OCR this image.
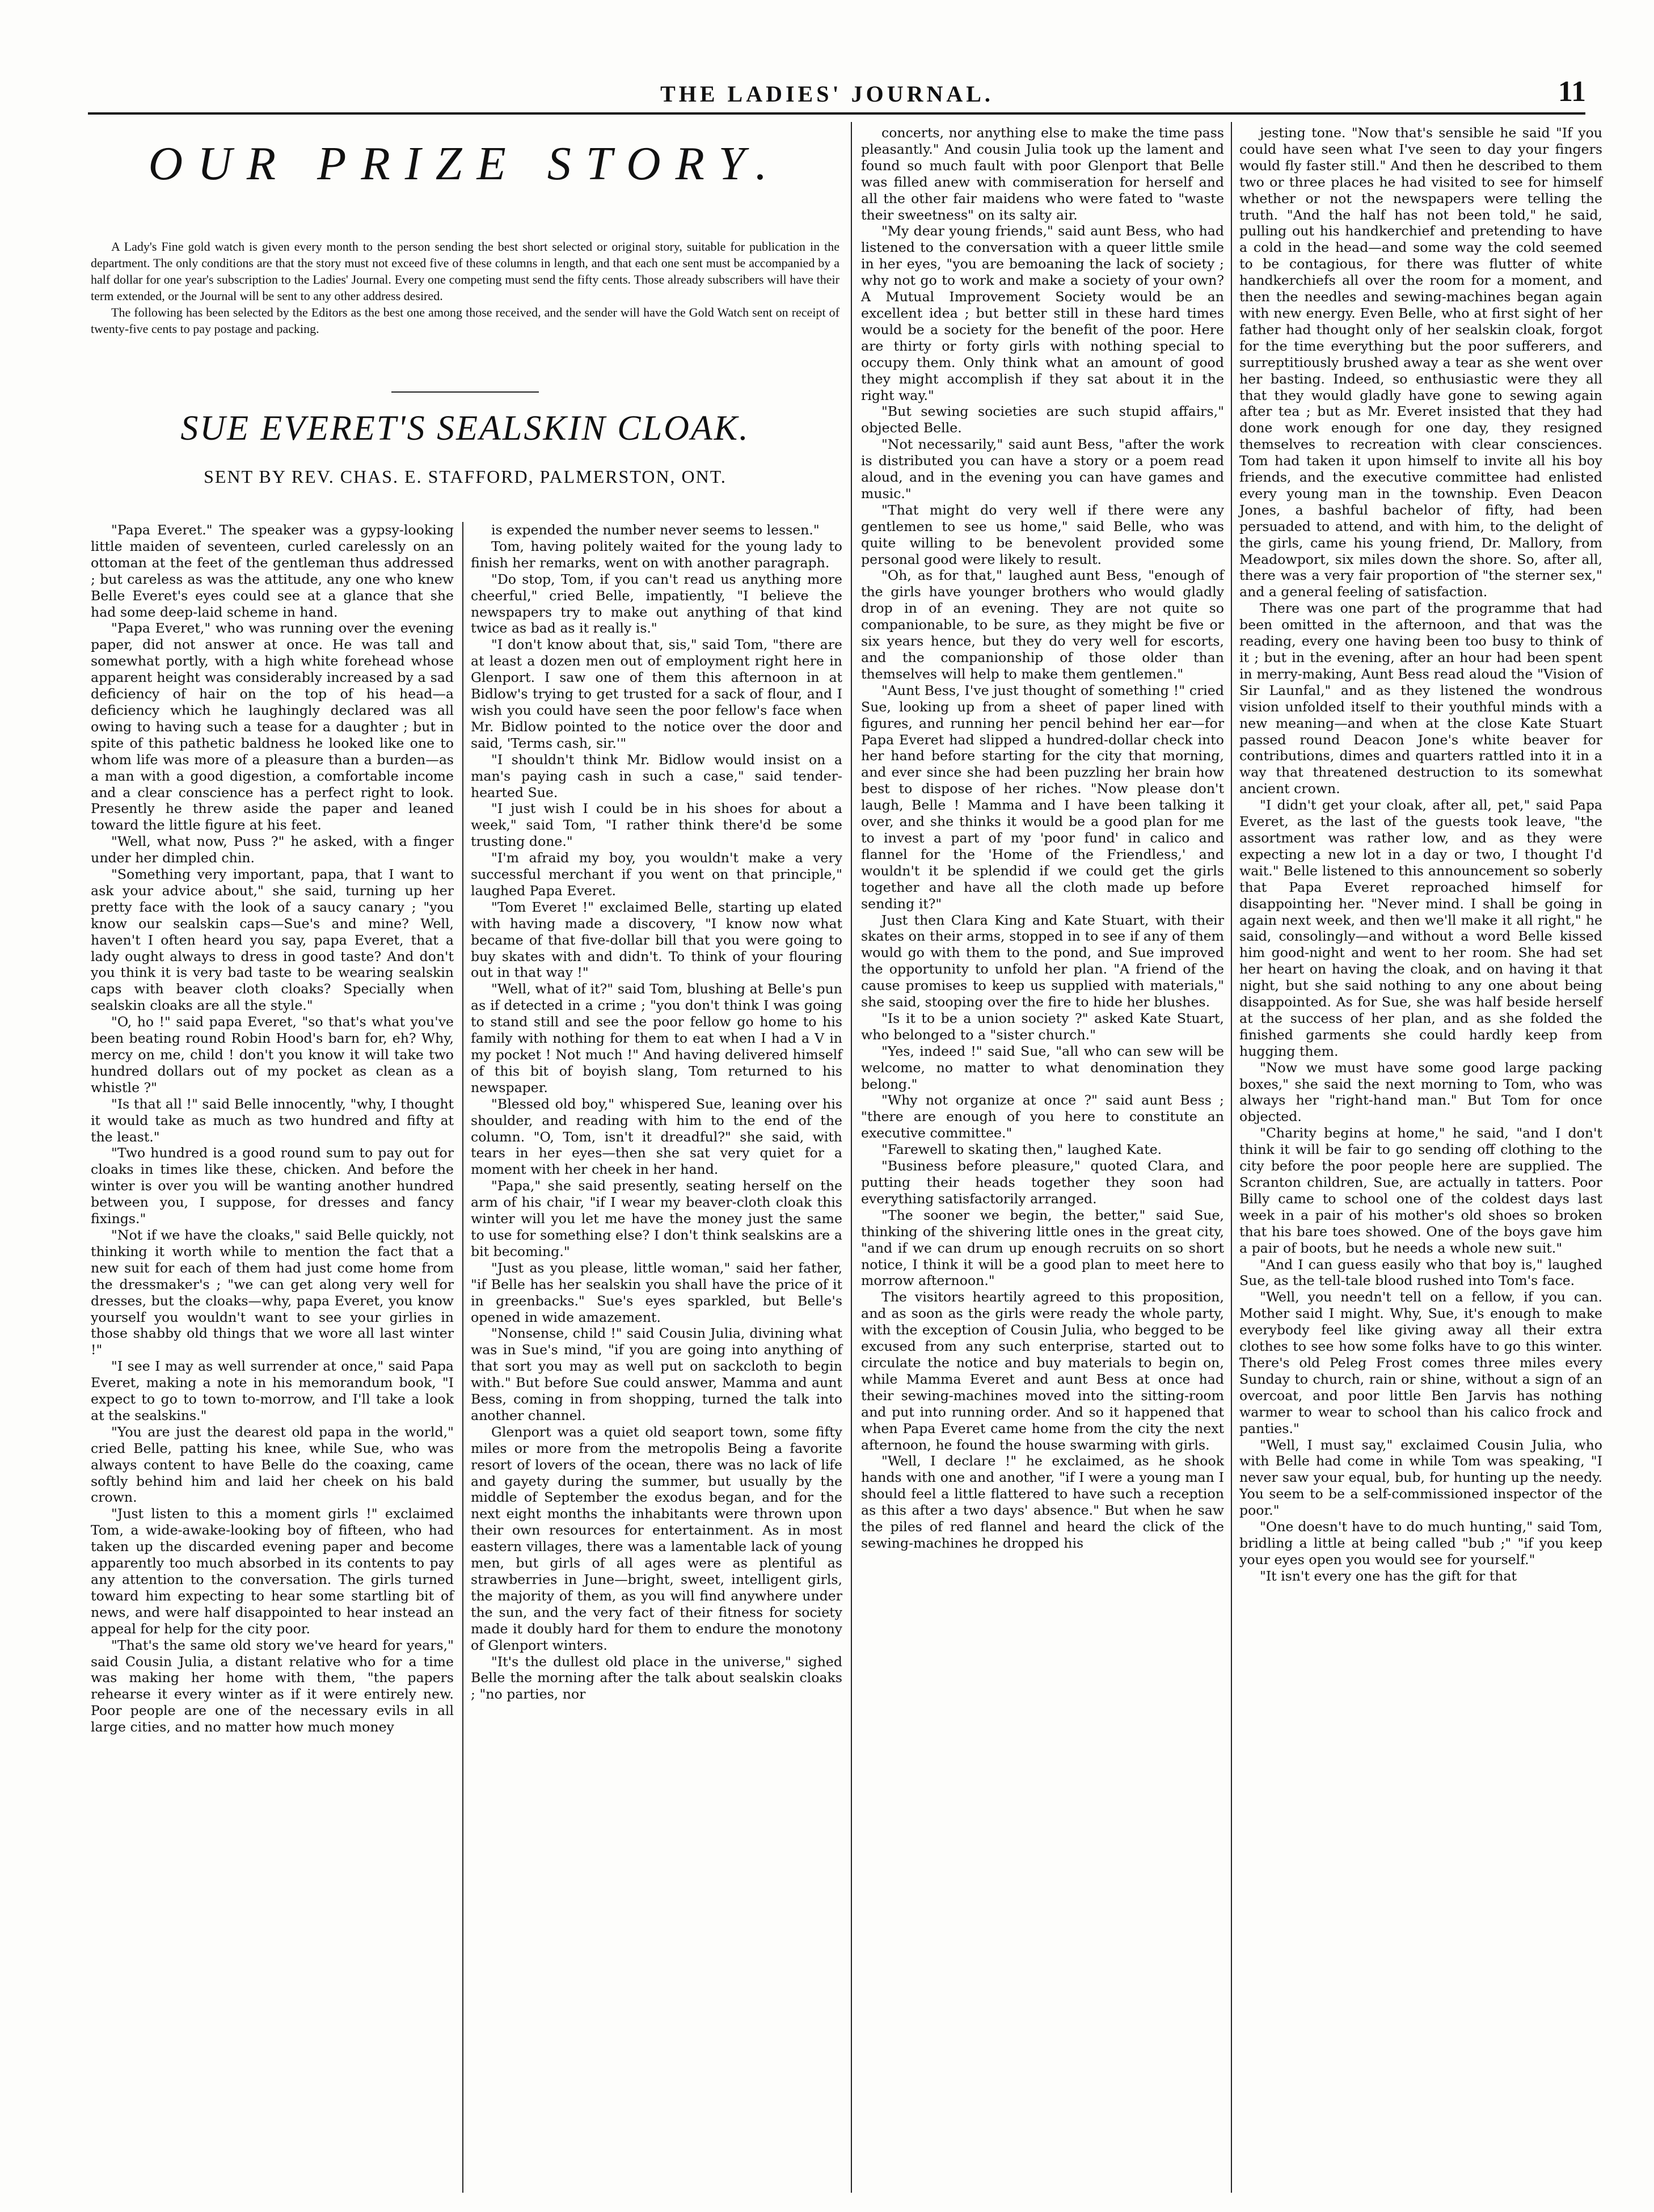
THE LADIES' JOURNAL.	11
OUR PRIZE STORY.

A Lady's Fine gold watch is given every month to the person sending the best short selected or original story, suitable for publication in the department. The only conditions are that the story must not exceed five of these columns in length, and that each one sent must be accompanied by a half dollar for one year's subscription to the Ladies' Journal. Every one competing must send the fifty cents. Those already subscribers will have their term extended, or the Journal will be sent to any other address desired.

The following has been selected by the Editors as the best one among those received, and the sender will have the Gold Watch sent on receipt of twenty-five cents to pay postage and packing.

SUE EVERET'S SEALSKIN CLOAK.
SENT BY REV. CHAS. E. STAFFORD, PALMERSTON, ONT.

"Papa Everet." The speaker was a gypsy-looking little maiden of seventeen, curled carelessly on an ottoman at the feet of the gentleman thus addressed ; but careless as was the attitude, any one who knew Belle Everet's eyes could see at a glance that she had some deep-laid scheme in hand.

"Papa Everet," who was running over the evening paper, did not answer at once. He was tall and somewhat portly, with a high white forehead whose apparent height was considerably increased by a sad deficiency of hair on the top of his head—a deficiency which he laughingly declared was all owing to having such a tease for a daughter ; but in spite of this pathetic baldness he looked like one to whom life was more of a pleasure than a burden—as a man with a good digestion, a comfortable income and a clear conscience has a perfect right to look. Presently he threw aside the paper and leaned toward the little figure at his feet.

"Well, what now, Puss ?" he asked, with a finger under her dimpled chin.

"Something very important, papa, that I want to ask your advice about," she said, turning up her pretty face with the look of a saucy canary ; "you know our sealskin caps—Sue's and mine? Well, haven't I often heard you say, papa Everet, that a lady ought always to dress in good taste? And don't you think it is very bad taste to be wearing sealskin caps with beaver cloth cloaks? Specially when sealskin cloaks are all the style."

"O, ho !" said papa Everet, "so that's what you've been beating round Robin Hood's barn for, eh? Why, mercy on me, child ! don't you know it will take two hundred dollars out of my pocket as clean as a whistle ?"

"Is that all !" said Belle innocently, "why, I thought it would take as much as two hundred and fifty at the least."

"Two hundred is a good round sum to pay out for cloaks in times like these, chicken. And before the winter is over you will be wanting another hundred between you, I suppose, for dresses and fancy fixings."

"Not if we have the cloaks," said Belle quickly, not thinking it worth while to mention the fact that a new suit for each of them had just come home from the dressmaker's ; "we can get along very well for dresses, but the cloaks—why, papa Everet, you know yourself you wouldn't want to see your girlies in those shabby old things that we wore all last winter !"

"I see I may as well surrender at once," said Papa Everet, making a note in his memorandum book, "I expect to go to town to-morrow, and I'll take a look at the sealskins."

"You are just the dearest old papa in the world," cried Belle, patting his knee, while Sue, who was always content to have Belle do the coaxing, came softly behind him and laid her cheek on his bald crown.

"Just listen to this a moment girls !" exclaimed Tom, a wide-awake-looking boy of fifteen, who had taken up the discarded evening paper and become apparently too much absorbed in its contents to pay any attention to the conversation. The girls turned toward him expecting to hear some startling bit of news, and were half disappointed to hear instead an appeal for help for the city poor.

"That's the same old story we've heard for years," said Cousin Julia, a distant relative who for a time was making her home with them, "the papers rehearse it every winter as if it were entirely new. Poor people are one of the necessary evils in all large cities, and no matter how much money

is expended the number never seems to lessen."

Tom, having politely waited for the young lady to finish her remarks, went on with another paragraph.

"Do stop, Tom, if you can't read us anything more cheerful," cried Belle, impatiently, "I believe the newspapers try to make out anything of that kind twice as bad as it really is."

"I don't know about that, sis," said Tom, "there are at least a dozen men out of employment right here in Glenport. I saw one of them this afternoon in at Bidlow's trying to get trusted for a sack of flour, and I wish you could have seen the poor fellow's face when Mr. Bidlow pointed to the notice over the door and said, 'Terms cash, sir.'"

"I shouldn't think Mr. Bidlow would insist on a man's paying cash in such a case," said tender-hearted Sue.

"I just wish I could be in his shoes for about a week," said Tom, "I rather think there'd be some trusting done."

"I'm afraid my boy, you wouldn't make a very successful merchant if you went on that principle," laughed Papa Everet.

"Tom Everet !" exclaimed Belle, starting up elated with having made a discovery, "I know now what became of that five-dollar bill that you were going to buy skates with and didn't. To think of your flouring out in that way !"

"Well, what of it?" said Tom, blushing at Belle's pun as if detected in a crime ; "you don't think I was going to stand still and see the poor fellow go home to his family with nothing for them to eat when I had a V in my pocket ! Not much !" And having delivered himself of this bit of boyish slang, Tom returned to his newspaper.

"Blessed old boy," whispered Sue, leaning over his shoulder, and reading with him to the end of the column. "O, Tom, isn't it dreadful?" she said, with tears in her eyes—then she sat very quiet for a moment with her cheek in her hand.

"Papa," she said presently, seating herself on the arm of his chair, "if I wear my beaver-cloth cloak this winter will you let me have the money just the same to use for something else? I don't think sealskins are a bit becoming."

"Just as you please, little woman," said her father, "if Belle has her sealskin you shall have the price of it in greenbacks." Sue's eyes sparkled, but Belle's opened in wide amazement.

"Nonsense, child !" said Cousin Julia, divining what was in Sue's mind, "if you are going into anything of that sort you may as well put on sackcloth to begin with." But before Sue could answer, Mamma and aunt Bess, coming in from shopping, turned the talk into another channel.

Glenport was a quiet old seaport town, some fifty miles or more from the metropolis Being a favorite resort of lovers of the ocean, there was no lack of life and gayety during the summer, but usually by the middle of September the exodus began, and for the next eight months the inhabitants were thrown upon their own resources for entertainment. As in most eastern villages, there was a lamentable lack of young men, but girls of all ages were as plentiful as strawberries in June—bright, sweet, intelligent girls, the majority of them, as you will find anywhere under the sun, and the very fact of their fitness for society made it doubly hard for them to endure the monotony of Glenport winters.

"It's the dullest old place in the universe," sighed Belle the morning after the talk about sealskin cloaks ; "no parties, nor

concerts, nor anything else to make the time pass pleasantly." And cousin Julia took up the lament and found so much fault with poor Glenport that Belle was filled anew with commiseration for herself and all the other fair maidens who were fated to "waste their sweetness" on its salty air.

"My dear young friends," said aunt Bess, who had listened to the conversation with a queer little smile in her eyes, "you are bemoaning the lack of society ; why not go to work and make a society of your own? A Mutual Improvement Society would be an excellent idea ; but better still in these hard times would be a society for the benefit of the poor. Here are thirty or forty girls with nothing special to occupy them. Only think what an amount of good they might accomplish if they sat about it in the right way."

"But sewing societies are such stupid affairs," objected Belle.

"Not necessarily," said aunt Bess, "after the work is distributed you can have a story or a poem read aloud, and in the evening you can have games and music."

"That might do very well if there were any gentlemen to see us home," said Belle, who was quite willing to be benevolent provided some personal good were likely to result.

"Oh, as for that," laughed aunt Bess, "enough of the girls have younger brothers who would gladly drop in of an evening. They are not quite so companionable, to be sure, as they might be five or six years hence, but they do very well for escorts, and the companionship of those older than themselves will help to make them gentlemen."

"Aunt Bess, I've just thought of something !" cried Sue, looking up from a sheet of paper lined with figures, and running her pencil behind her ear—for Papa Everet had slipped a hundred-dollar check into her hand before starting for the city that morning, and ever since she had been puzzling her brain how best to dispose of her riches. "Now please don't laugh, Belle ! Mamma and I have been talking it over, and she thinks it would be a good plan for me to invest a part of my 'poor fund' in calico and flannel for the 'Home of the Friendless,' and wouldn't it be splendid if we could get the girls together and have all the cloth made up before sending it?"

Just then Clara King and Kate Stuart, with their skates on their arms, stopped in to see if any of them would go with them to the pond, and Sue improved the opportunity to unfold her plan. "A friend of the cause promises to keep us supplied with materials," she said, stooping over the fire to hide her blushes.

"Is it to be a union society ?" asked Kate Stuart, who belonged to a "sister church."

"Yes, indeed !" said Sue, "all who can sew will be welcome, no matter to what denomination they belong."

"Why not organize at once ?" said aunt Bess ; "there are enough of you here to constitute an executive committee."

"Farewell to skating then," laughed Kate.

"Business before pleasure," quoted Clara, and putting their heads together they soon had everything satisfactorily arranged.

"The sooner we begin, the better," said Sue, thinking of the shivering little ones in the great city, "and if we can drum up enough recruits on so short notice, I think it will be a good plan to meet here to morrow afternoon."

The visitors heartily agreed to this proposition, and as soon as the girls were ready the whole party, with the exception of Cousin Julia, who begged to be excused from any such enterprise, started out to circulate the notice and buy materials to begin on, while Mamma Everet and aunt Bess at once had their sewing-machines moved into the sitting-room and put into running order. And so it happened that when Papa Everet came home from the city the next afternoon, he found the house swarming with girls.

"Well, I declare !" he exclaimed, as he shook hands with one and another, "if I were a young man I should feel a little flattered to have such a reception as this after a two days' absence." But when he saw the piles of red flannel and heard the click of the sewing-machines he dropped his

jesting tone. "Now that's sensible he said "If you could have seen what I've seen to day your fingers would fly faster still." And then he described to them two or three places he had visited to see for himself whether or not the newspapers were telling the truth. "And the half has not been told," he said, pulling out his handkerchief and pretending to have a cold in the head—and some way the cold seemed to be contagious, for there was flutter of white handkerchiefs all over the room for a moment, and then the needles and sewing-machines began again with new energy. Even Belle, who at first sight of her father had thought only of her sealskin cloak, forgot for the time everything but the poor sufferers, and surreptitiously brushed away a tear as she went over her basting. Indeed, so enthusiastic were they all that they would gladly have gone to sewing again after tea ; but as Mr. Everet insisted that they had done work enough for one day, they resigned themselves to recreation with clear consciences. Tom had taken it upon himself to invite all his boy friends, and the executive committee had enlisted every young man in the township. Even Deacon Jones, a bashful bachelor of fifty, had been persuaded to attend, and with him, to the delight of the girls, came his young friend, Dr. Mallory, from Meadowport, six miles down the shore. So, after all, there was a very fair proportion of "the sterner sex," and a general feeling of satisfaction.

There was one part of the programme that had been omitted in the afternoon, and that was the reading, every one having been too busy to think of it ; but in the evening, after an hour had been spent in merry-making, Aunt Bess read aloud the "Vision of Sir Launfal," and as they listened the wondrous vision unfolded itself to their youthful minds with a new meaning—and when at the close Kate Stuart passed round Deacon Jone's white beaver for contributions, dimes and quarters rattled into it in a way that threatened destruction to its somewhat ancient crown.

"I didn't get your cloak, after all, pet," said Papa Everet, as the last of the guests took leave, "the assortment was rather low, and as they were expecting a new lot in a day or two, I thought I'd wait." Belle listened to this announcement so soberly that Papa Everet reproached himself for disappointing her. "Never mind. I shall be going in again next week, and then we'll make it all right," he said, consolingly—and without a word Belle kissed him good-night and went to her room. She had set her heart on having the cloak, and on having it that night, but she said nothing to any one about being disappointed. As for Sue, she was half beside herself at the success of her plan, and as she folded the finished garments she could hardly keep from hugging them.

"Now we must have some good large packing boxes," she said the next morning to Tom, who was always her "right-hand man." But Tom for once objected.

"Charity begins at home," he said, "and I don't think it will be fair to go sending off clothing to the city before the poor people here are supplied. The Scranton children, Sue, are actually in tatters. Poor Billy came to school one of the coldest days last week in a pair of his mother's old shoes so broken that his bare toes showed. One of the boys gave him a pair of boots, but he needs a whole new suit."

"And I can guess easily who that boy is," laughed Sue, as the tell-tale blood rushed into Tom's face.

"Well, you needn't tell on a fellow, if you can. Mother said I might. Why, Sue, it's enough to make everybody feel like giving away all their extra clothes to see how some folks have to go this winter. There's old Peleg Frost comes three miles every Sunday to church, rain or shine, without a sign of an overcoat, and poor little Ben Jarvis has nothing warmer to wear to school than his calico frock and panties."

"Well, I must say," exclaimed Cousin Julia, who with Belle had come in while Tom was speaking, "I never saw your equal, bub, for hunting up the needy. You seem to be a self-commissioned inspector of the poor."

"One doesn't have to do much hunting," said Tom, bridling a little at being called "bub ;" "if you keep your eyes open you would see for yourself."

"It isn't every one has the gift for that
